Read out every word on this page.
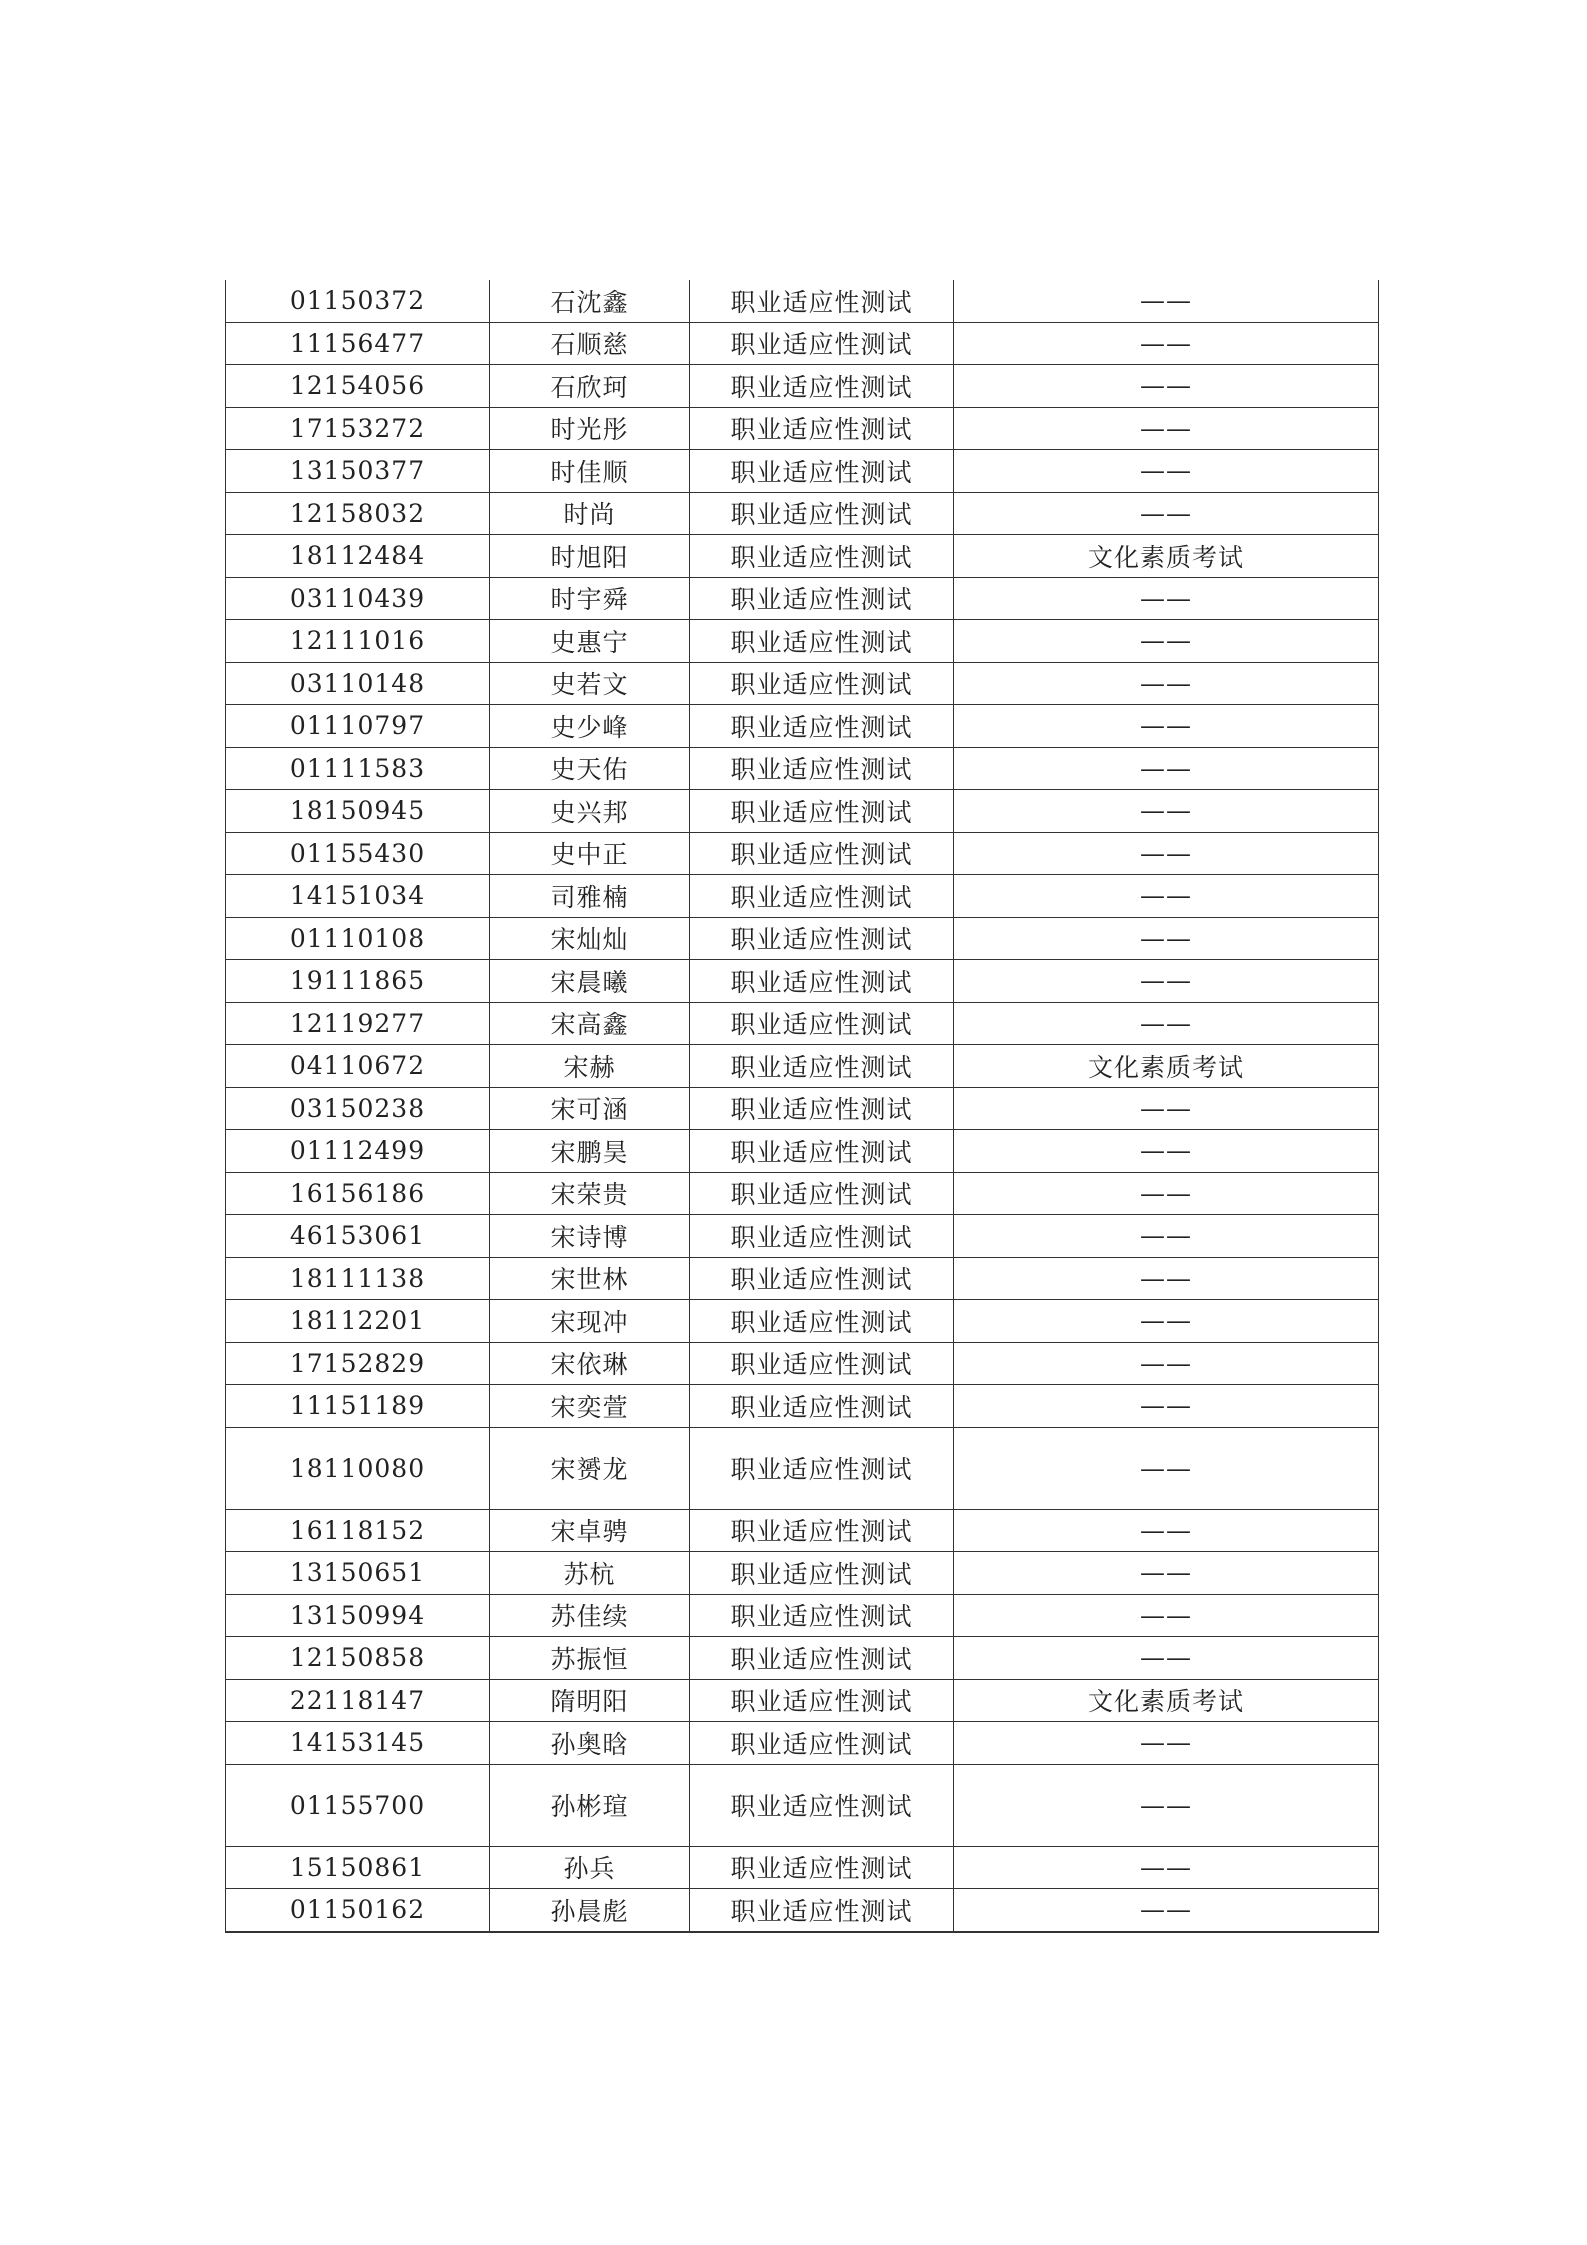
01150372	石沈鑫	职业适应性测试	——
11156477	石顺慈	职业适应性测试	——
12154056	石欣珂	职业适应性测试	——
17153272	时光彤	职业适应性测试	——
13150377	时佳顺	职业适应性测试	——
12158032	时尚	职业适应性测试	——
18112484	时旭阳	职业适应性测试	文化素质考试
03110439	时宇舜	职业适应性测试	——
12111016	史惠宁	职业适应性测试	——
03110148	史若文	职业适应性测试	——
01110797	史少峰	职业适应性测试	——
01111583	史天佑	职业适应性测试	——
18150945	史兴邦	职业适应性测试	——
01155430	史中正	职业适应性测试	——
14151034	司雅楠	职业适应性测试	——
01110108	宋灿灿	职业适应性测试	——
19111865	宋晨曦	职业适应性测试	——
12119277	宋高鑫	职业适应性测试	——
04110672	宋赫	职业适应性测试	文化素质考试
03150238	宋可涵	职业适应性测试	——
01112499	宋鹏昊	职业适应性测试	——
16156186	宋荣贵	职业适应性测试	——
46153061	宋诗博	职业适应性测试	——
18111138	宋世林	职业适应性测试	——
18112201	宋现冲	职业适应性测试	——
17152829	宋依琳	职业适应性测试	——
11151189	宋奕萱	职业适应性测试	——
18110080	宋赟龙	职业适应性测试	——
16118152	宋卓骋	职业适应性测试	——
13150651	苏杭	职业适应性测试	——
13150994	苏佳续	职业适应性测试	——
12150858	苏振恒	职业适应性测试	——
22118147	隋明阳	职业适应性测试	文化素质考试
14153145	孙奥晗	职业适应性测试	——
01155700	孙彬瑄	职业适应性测试	——
15150861	孙兵	职业适应性测试	——
01150162	孙晨彪	职业适应性测试	——
